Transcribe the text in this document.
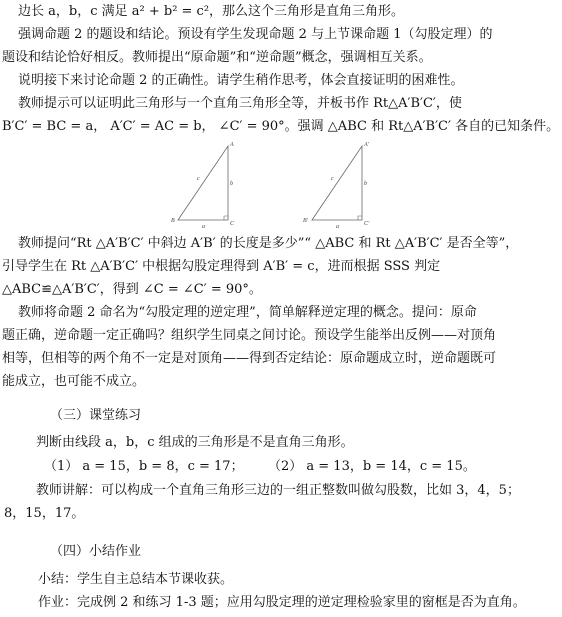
边长 a，b，c 满足 a² + b² = c²，那么这个三角形是直角三角形。
强调命题 2 的题设和结论。预设有学生发现命题 2 与上节课命题 1（勾股定理）的
题设和结论恰好相反。教师提出“原命题”和“逆命题”概念，强调相互关系。
说明接下来讨论命题 2 的正确性。请学生稍作思考，体会直接证明的困难性。
教师提示可以证明此三角形与一个直角三角形全等，并板书作 Rt△A′B′C′，使
B′C′ = BC = a， A′C′ = AC = b， ∠C′ = 90°。强调 △ABC 和 Rt△A′B′C′ 各自的已知条件。
A
B	C
a
b
c
A′
B′	C′
a
b
c
教师提问“Rt △A′B′C′ 中斜边 A′B′ 的长度是多少”“ △ABC 和 Rt △A′B′C′ 是否全等”，
引导学生在 Rt △A′B′C′ 中根据勾股定理得到 A′B′ = c，进而根据 SSS 判定
△ABC≌△A′B′C′，得到 ∠C = ∠C′ = 90°。
教师将命题 2 命名为“勾股定理的逆定理”，简单解释逆定理的概念。提问：原命
题正确，逆命题一定正确吗？组织学生同桌之间讨论。预设学生能举出反例——对顶角
相等，但相等的两个角不一定是对顶角——得到否定结论：原命题成立时，逆命题既可
能成立，也可能不成立。
（三）课堂练习
判断由线段 a，b，c 组成的三角形是不是直角三角形。
（1） a = 15，b = 8，c = 17；	（2） a = 13，b = 14，c = 15。
教师讲解：可以构成一个直角三角形三边的一组正整数叫做勾股数，比如 3，4，5；
8，15，17。
（四）小结作业
小结：学生自主总结本节课收获。
作业：完成例 2 和练习 1-3 题；应用勾股定理的逆定理检验家里的窗框是否为直角。
